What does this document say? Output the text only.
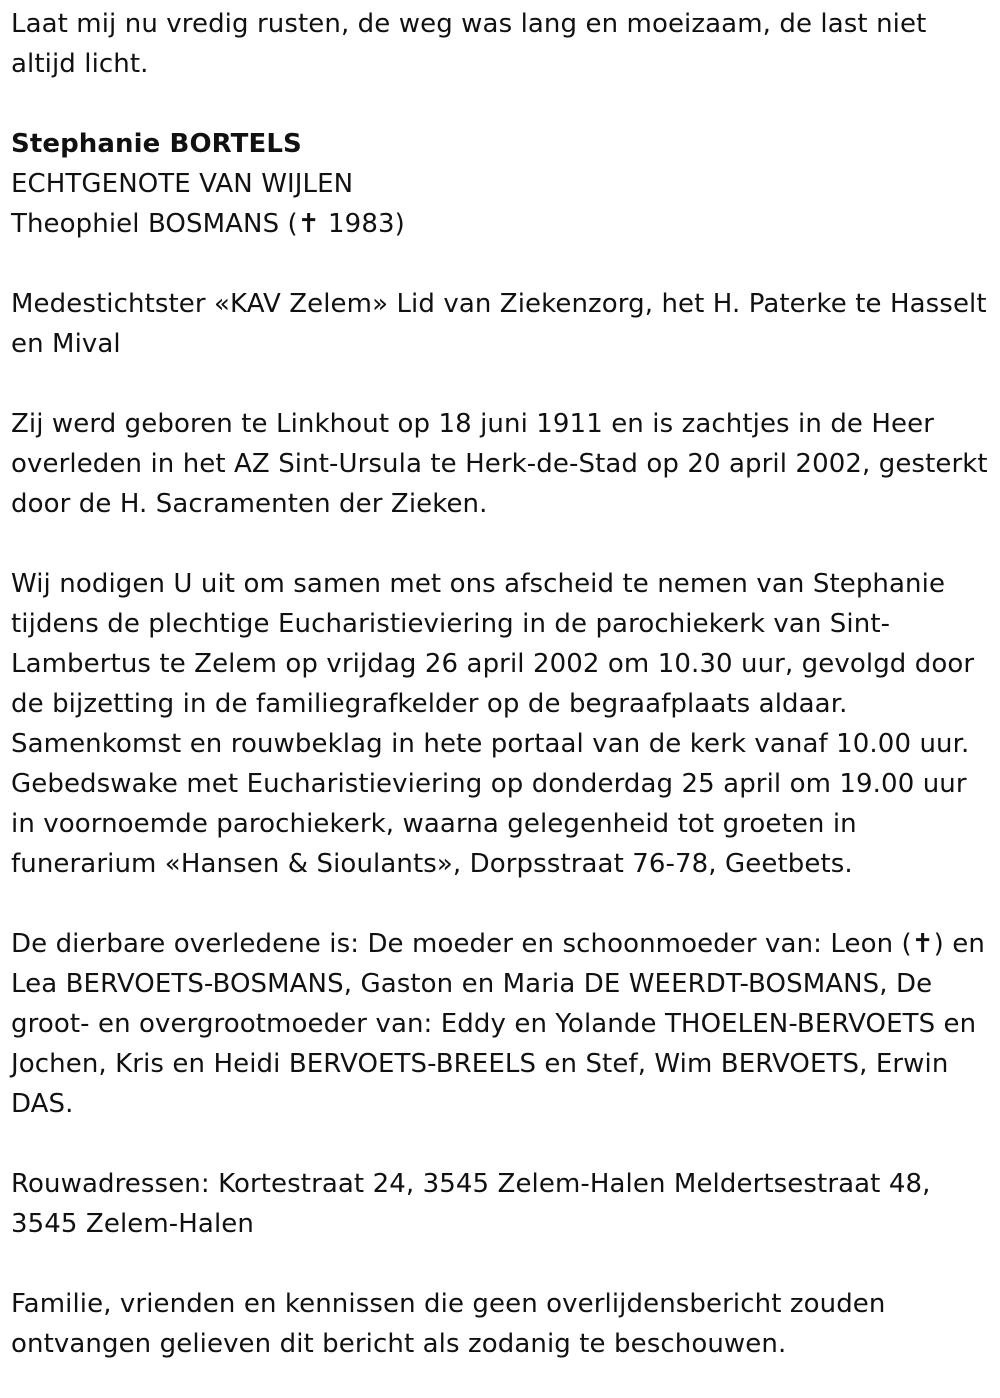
Laat mij nu vredig rusten, de weg was lang en moeizaam, de last niet altijd licht.

Stephanie BORTELS

ECHTGENOTE VAN WIJLEN

Theophiel BOSMANS (✝ 1983)

Medestichtster «KAV Zelem» Lid van Ziekenzorg, het H. Paterke te Hasselt en Mival

Zij werd geboren te Linkhout op 18 juni 1911 en is zachtjes in de Heer overleden in het AZ Sint-Ursula te Herk-de-Stad op 20 april 2002, gesterkt door de H. Sacramenten der Zieken.

Wij nodigen U uit om samen met ons afscheid te nemen van Stephanie tijdens de plechtige Eucharistieviering in de parochiekerk van Sint-Lambertus te Zelem op vrijdag 26 april 2002 om 10.30 uur, gevolgd door de bijzetting in de familiegrafkelder op de begraafplaats aldaar. Samenkomst en rouwbeklag in hete portaal van de kerk vanaf 10.00 uur. Gebedswake met Eucharistieviering op donderdag 25 april om 19.00 uur in voornoemde parochiekerk, waarna gelegenheid tot groeten in funerarium «Hansen & Sioulants», Dorpsstraat 76-78, Geetbets.

De dierbare overledene is: De moeder en schoonmoeder van: Leon (✝) en Lea BERVOETS-BOSMANS, Gaston en Maria DE WEERDT-BOSMANS, De groot- en overgrootmoeder van: Eddy en Yolande THOELEN-BERVOETS en Jochen, Kris en Heidi BERVOETS-BREELS en Stef, Wim BERVOETS, Erwin DAS.

Rouwadressen: Kortestraat 24, 3545 Zelem-Halen Meldertsestraat 48, 3545 Zelem-Halen

Familie, vrienden en kennissen die geen overlijdensbericht zouden ontvangen gelieven dit bericht als zodanig te beschouwen.
